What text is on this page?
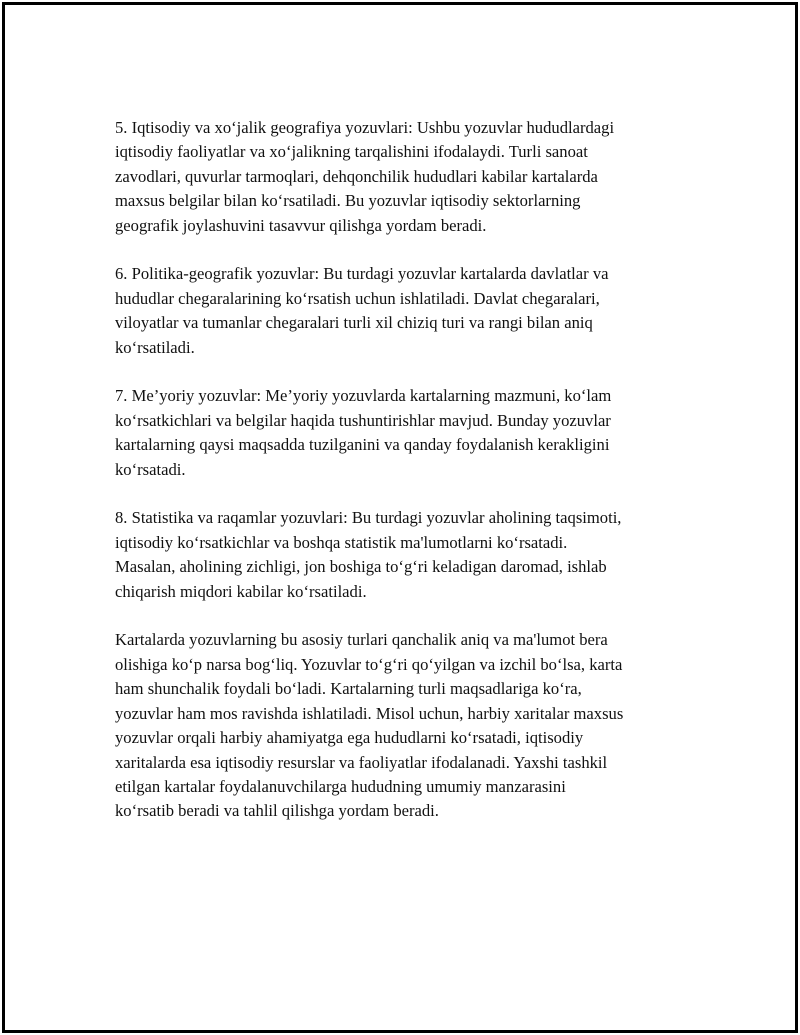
5. Iqtisodiy va xo‘jalik geografiya yozuvlari: Ushbu yozuvlar hududlardagi
iqtisodiy faoliyatlar va xo‘jalikning tarqalishini ifodalaydi. Turli sanoat
zavodlari, quvurlar tarmoqlari, dehqonchilik hududlari kabilar kartalarda
maxsus belgilar bilan ko‘rsatiladi. Bu yozuvlar iqtisodiy sektorlarning
geografik joylashuvini tasavvur qilishga yordam beradi.

6. Politika-geografik yozuvlar: Bu turdagi yozuvlar kartalarda davlatlar va
hududlar chegaralarining ko‘rsatish uchun ishlatiladi. Davlat chegaralari,
viloyatlar va tumanlar chegaralari turli xil chiziq turi va rangi bilan aniq
ko‘rsatiladi.

7. Me’yoriy yozuvlar: Me’yoriy yozuvlarda kartalarning mazmuni, ko‘lam
ko‘rsatkichlari va belgilar haqida tushuntirishlar mavjud. Bunday yozuvlar
kartalarning qaysi maqsadda tuzilganini va qanday foydalanish kerakligini
ko‘rsatadi.

8. Statistika va raqamlar yozuvlari: Bu turdagi yozuvlar aholining taqsimoti,
iqtisodiy ko‘rsatkichlar va boshqa statistik ma'lumotlarni ko‘rsatadi.
Masalan, aholining zichligi, jon boshiga to‘g‘ri keladigan daromad, ishlab
chiqarish miqdori kabilar ko‘rsatiladi.

Kartalarda yozuvlarning bu asosiy turlari qanchalik aniq va ma'lumot bera
olishiga ko‘p narsa bog‘liq. Yozuvlar to‘g‘ri qo‘yilgan va izchil bo‘lsa, karta
ham shunchalik foydali bo‘ladi. Kartalarning turli maqsadlariga ko‘ra,
yozuvlar ham mos ravishda ishlatiladi. Misol uchun, harbiy xaritalar maxsus
yozuvlar orqali harbiy ahamiyatga ega hududlarni ko‘rsatadi, iqtisodiy
xaritalarda esa iqtisodiy resurslar va faoliyatlar ifodalanadi. Yaxshi tashkil
etilgan kartalar foydalanuvchilarga hududning umumiy manzarasini
ko‘rsatib beradi va tahlil qilishga yordam beradi.
